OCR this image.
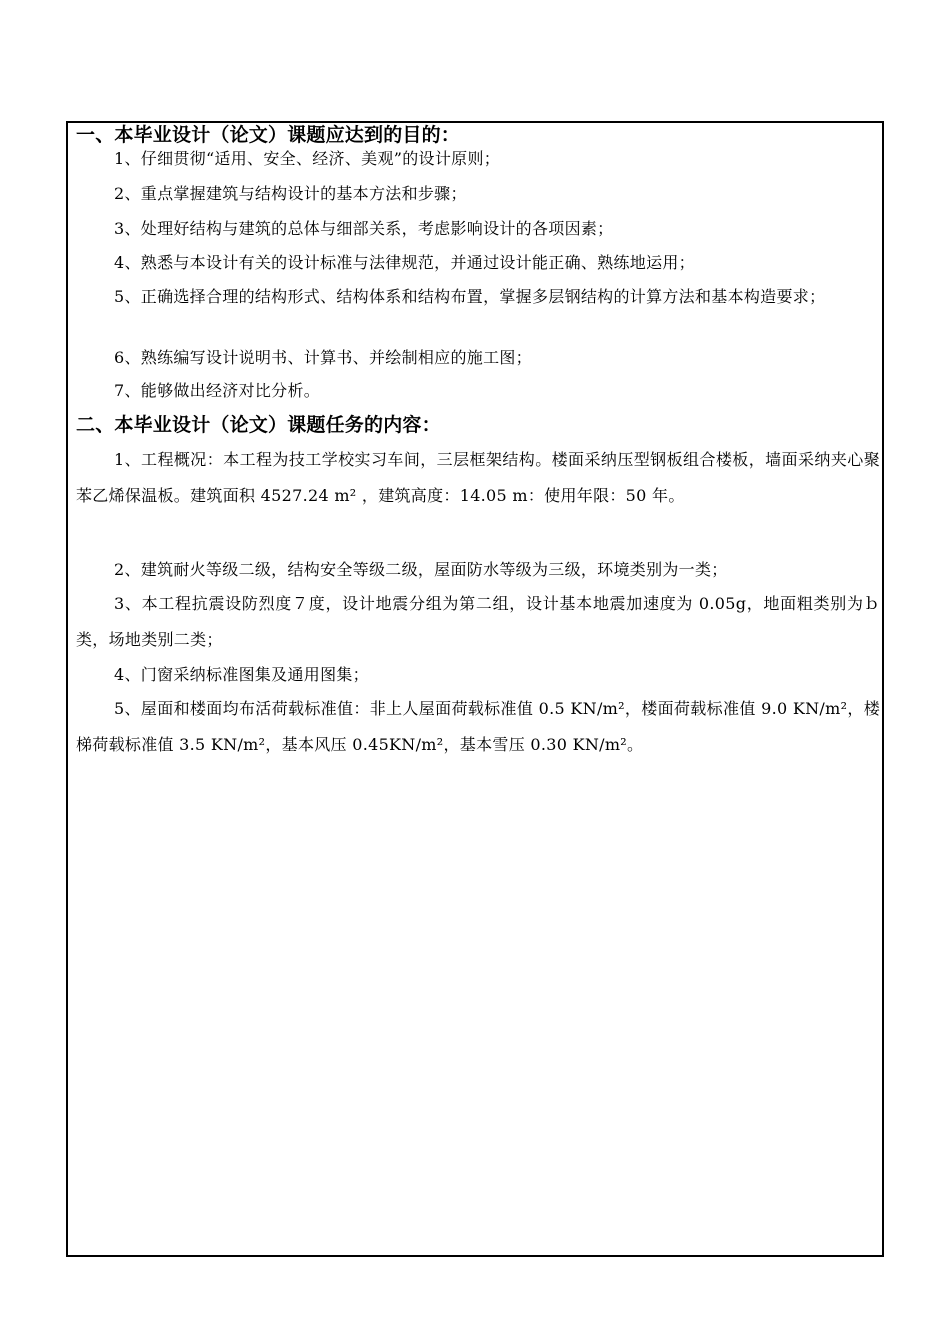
一、本毕业设计（论文）课题应达到的目的：
1、仔细贯彻“适用、安全、经济、美观”的设计原则；
2、重点掌握建筑与结构设计的基本方法和步骤；
3、处理好结构与建筑的总体与细部关系，考虑影响设计的各项因素；
4、熟悉与本设计有关的设计标准与法律规范，并通过设计能正确、熟练地运用；
5、正确选择合理的结构形式、结构体系和结构布置，掌握多层钢结构的计算方法和基本构造要求；
6、熟练编写设计说明书、计算书、并绘制相应的施工图；
7、能够做出经济对比分析。
二、本毕业设计（论文）课题任务的内容：
1、工程概况：本工程为技工学校实习车间，三层框架结构。楼面采纳压型钢板组合楼板，墙面采纳夹心聚苯乙烯保温板。建筑面积 4527.24 m² ，建筑高度：14.05 m：使用年限：50 年。
2、建筑耐火等级二级，结构安全等级二级，屋面防水等级为三级，环境类别为一类；
3、本工程抗震设防烈度７度，设计地震分组为第二组，设计基本地震加速度为 0.05g，地面粗类别为ｂ类，场地类别二类；
4、门窗采纳标准图集及通用图集；
5、屋面和楼面均布活荷载标准值：非上人屋面荷载标准值 0.5 KN/m²，楼面荷载标准值 9.0 KN/m²，楼梯荷载标准值 3.5 KN/m²，基本风压 0.45KN/m²，基本雪压 0.30 KN/m²。
